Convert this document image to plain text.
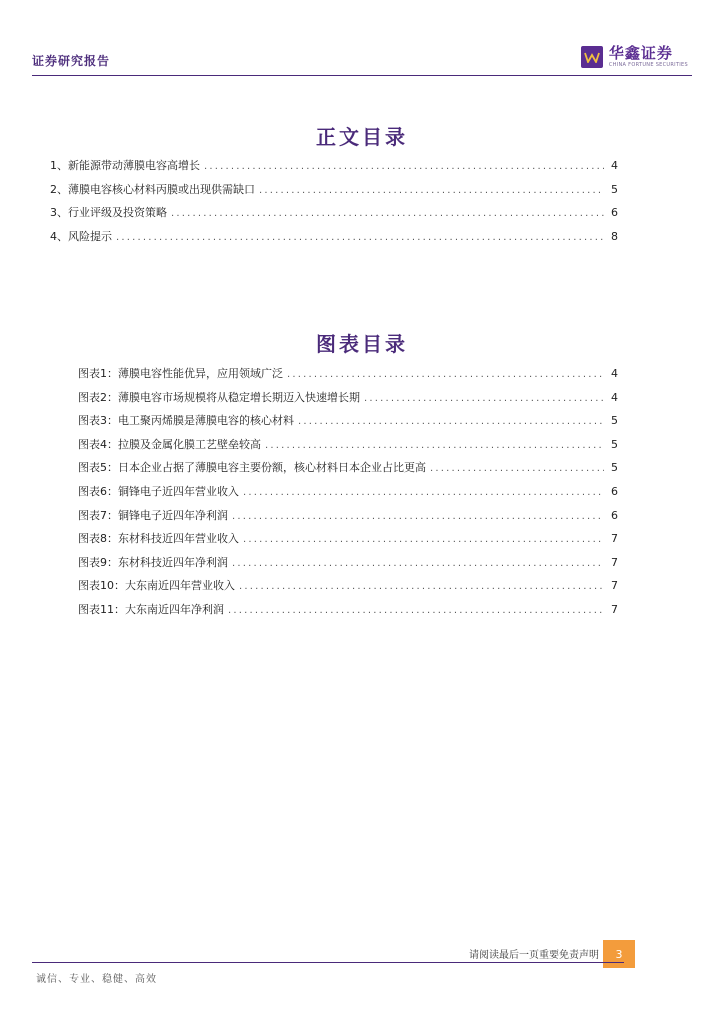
证券研究报告	华鑫证券
CHINA FORTUNE SECURITIES
正文目录
1、新能源带动薄膜电容高增长 .....	4
2、薄膜电容核心材料丙膜或出现供需缺口 .....	5
3、行业评级及投资策略 .....	6
4、风险提示 .....	8
图表目录
图表1：薄膜电容性能优异，应用领域广泛 .....	4
图表2：薄膜电容市场规模将从稳定增长期迈入快速增长期 .....	4
图表3：电工聚丙烯膜是薄膜电容的核心材料 .....	5
图表4：拉膜及金属化膜工艺壁垒较高 .....	5
图表5：日本企业占据了薄膜电容主要份额，核心材料日本企业占比更高 .....	5
图表6：铜锋电子近四年营业收入 .....	6
图表7：铜锋电子近四年净利润 .....	6
图表8：东材科技近四年营业收入 .....	7
图表9：东材科技近四年净利润 .....	7
图表10：大东南近四年营业收入 .....	7
图表11：大东南近四年净利润 .....	7
请阅读最后一页重要免责声明	3
诚信、专业、稳健、高效
